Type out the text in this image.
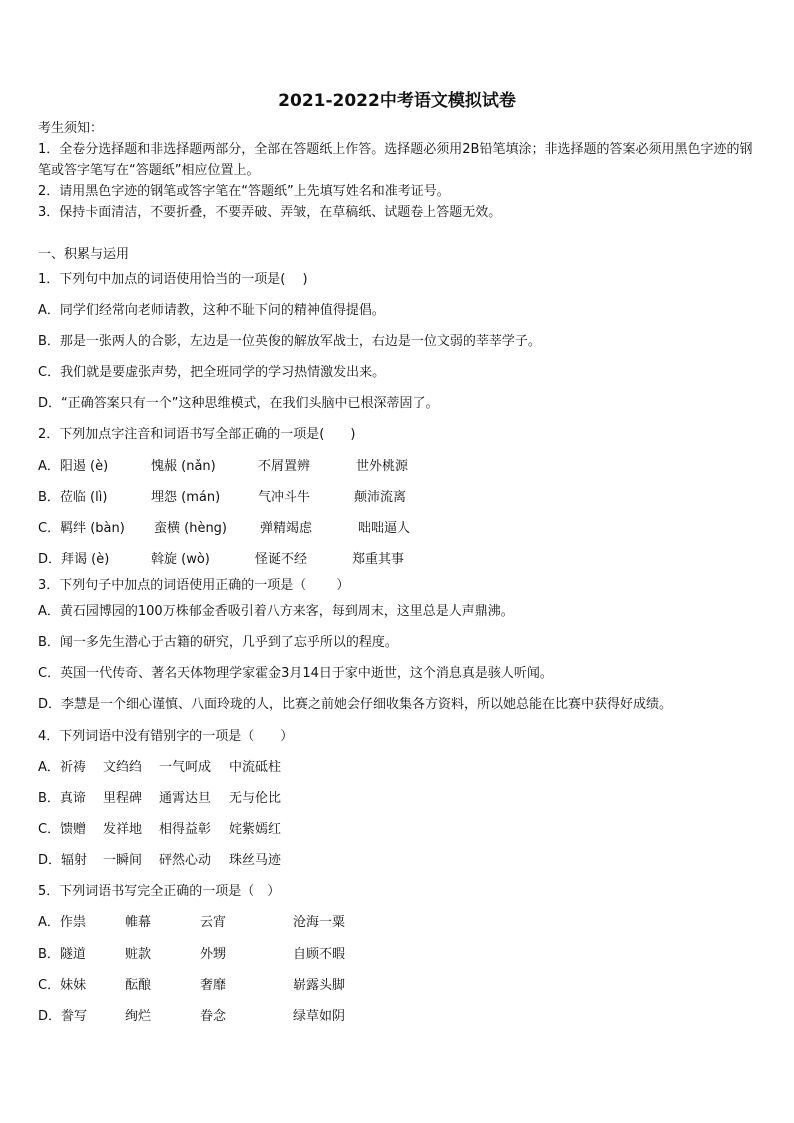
2021-2022中考语文模拟试卷
考生须知：
1．全卷分选择题和非选择题两部分，全部在答题纸上作答。选择题必须用2B铅笔填涂；非选择题的答案必须用黑色字迹的钢笔或答字笔写在“答题纸”相应位置上。
2．请用黑色字迹的钢笔或答字笔在“答题纸”上先填写姓名和准考证号。
3．保持卡面清洁，不要折叠，不要弄破、弄皱，在草稿纸、试题卷上答题无效。
一、积累与运用
1．下列句中加点的词语使用恰当的一项是(　 )
A．同学们经常向老师请教，这种不耻下问的精神值得提倡。
B．那是一张两人的合影，左边是一位英俊的解放军战士，右边是一位文弱的莘莘学子。
C．我们就是要虚张声势，把全班同学的学习热情激发出来。
D．“正确答案只有一个”这种思维模式，在我们头脑中已根深蒂固了。
2．下列加点字注音和词语书写全部正确的一项是(　　)
A．阳遏 (è)	愧赧 (nǎn)	不屑置辨	世外桃源
B．莅临 (lì)	埋怨 (mán)	气冲斗牛	颠沛流离
C．羁绊 (bàn) 蛮横 (hèng)	弹精竭虑	咄咄逼人
D．拜谒 (è)	斡旋 (wò)	怪诞不经	郑重其事
3．下列句子中加点的词语使用正确的一项是（　　 ）
A．黄石园博园的100万株郁金香吸引着八方来客，每到周末，这里总是人声鼎沸。
B．闻一多先生潜心于古籍的研究，几乎到了忘乎所以的程度。
C．英国一代传奇、著名天体物理学家霍金3月14日于家中逝世，这个消息真是骇人听闻。
D．李慧是一个细心谨慎、八面玲珑的人，比赛之前她会仔细收集各方资料，所以她总能在比赛中获得好成绩。
4．下列词语中没有错别字的一项是（　　）
A．祈祷 文绉绉 一气呵成 中流砥柱
B．真谛 里程碑 通霄达旦 无与伦比
C．馈赠 发祥地 相得益彰 姹紫嫣红
D．辐射 一瞬间 砰然心动 珠丝马迹
5．下列词语书写完全正确的一项是（　）
A．作祟	帷幕	云宵	沧海一粟
B．隧道	赃款	外甥	自顾不暇
C．妹妹	酝酿	奢靡	崭露头脚
D．誊写	绚烂	眷念	绿草如阴
